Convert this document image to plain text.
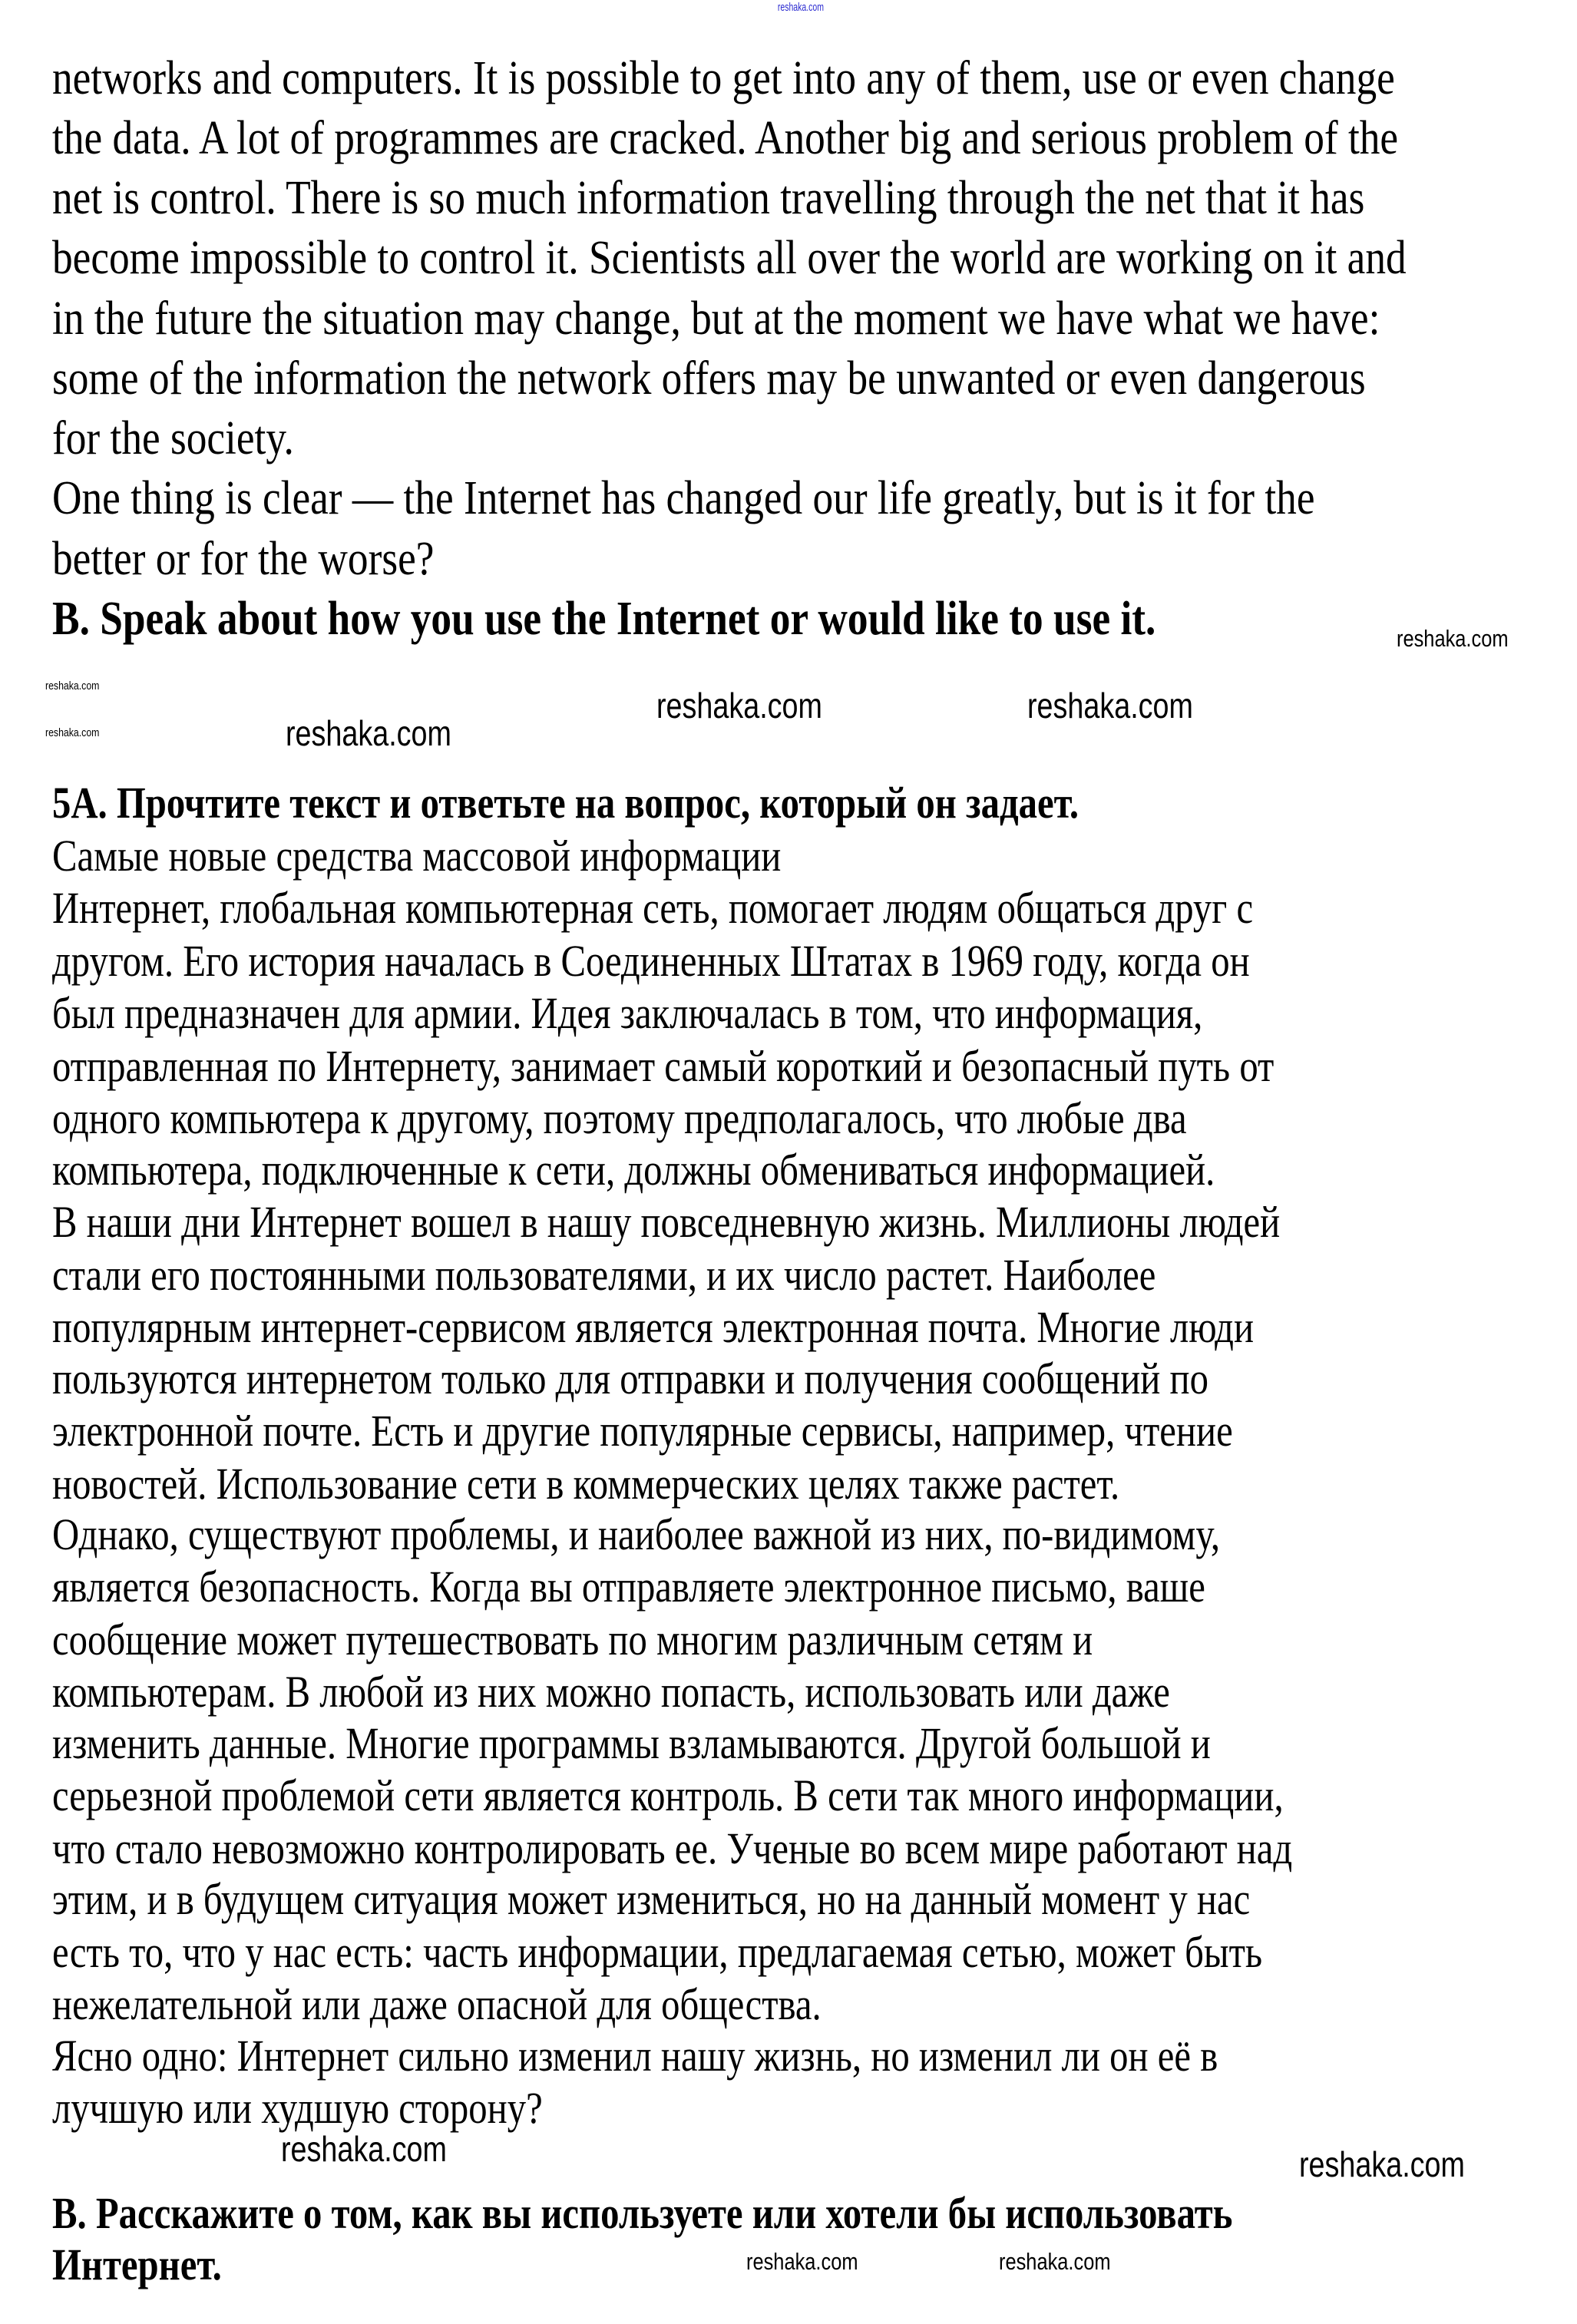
reshaka.com
networks and computers. It is possible to get into any of them, use or even change
the data. A lot of programmes are cracked. Another big and serious problem of the
net is control. There is so much information travelling through the net that it has
become impossible to control it. Scientists all over the world are working on it and
in the future the situation may change, but at the moment we have what we have:
some of the information the network offers may be unwanted or even dangerous
for the society.
One thing is clear — the Internet has changed our life greatly, but is it for the
better or for the worse?
B. Speak about how you use the Internet or would like to use it.
5A. Прочтите текст и ответьте на вопрос, который он задает.
Самые новые средства массовой информации
Интернет, глобальная компьютерная сеть, помогает людям общаться друг с
другом. Его история началась в Соединенных Штатах в 1969 году, когда он
был предназначен для армии. Идея заключалась в том, что информация,
отправленная по Интернету, занимает самый короткий и безопасный путь от
одного компьютера к другому, поэтому предполагалось, что любые два
компьютера, подключенные к сети, должны обмениваться информацией.
В наши дни Интернет вошел в нашу повседневную жизнь. Миллионы людей
стали его постоянными пользователями, и их число растет. Наиболее
популярным интернет-сервисом является электронная почта. Многие люди
пользуются интернетом только для отправки и получения сообщений по
электронной почте. Есть и другие популярные сервисы, например, чтение
новостей. Использование сети в коммерческих целях также растет.
Однако, существуют проблемы, и наиболее важной из них, по-видимому,
является безопасность. Когда вы отправляете электронное письмо, ваше
сообщение может путешествовать по многим различным сетям и
компьютерам. В любой из них можно попасть, использовать или даже
изменить данные. Многие программы взламываются. Другой большой и
серьезной проблемой сети является контроль. В сети так много информации,
что стало невозможно контролировать ее. Ученые во всем мире работают над
этим, и в будущем ситуация может измениться, но на данный момент у нас
есть то, что у нас есть: часть информации, предлагаемая сетью, может быть
нежелательной или даже опасной для общества.
Ясно одно: Интернет сильно изменил нашу жизнь, но изменил ли он её в
лучшую или худшую сторону?
B. Расскажите о том, как вы используете или хотели бы использовать
Интернет.
reshaka.com
reshaka.com	reshaka.com
reshaka.com	reshaka.com
reshaka.com
reshaka.com	reshaka.com
reshaka.com
reshaka.com
